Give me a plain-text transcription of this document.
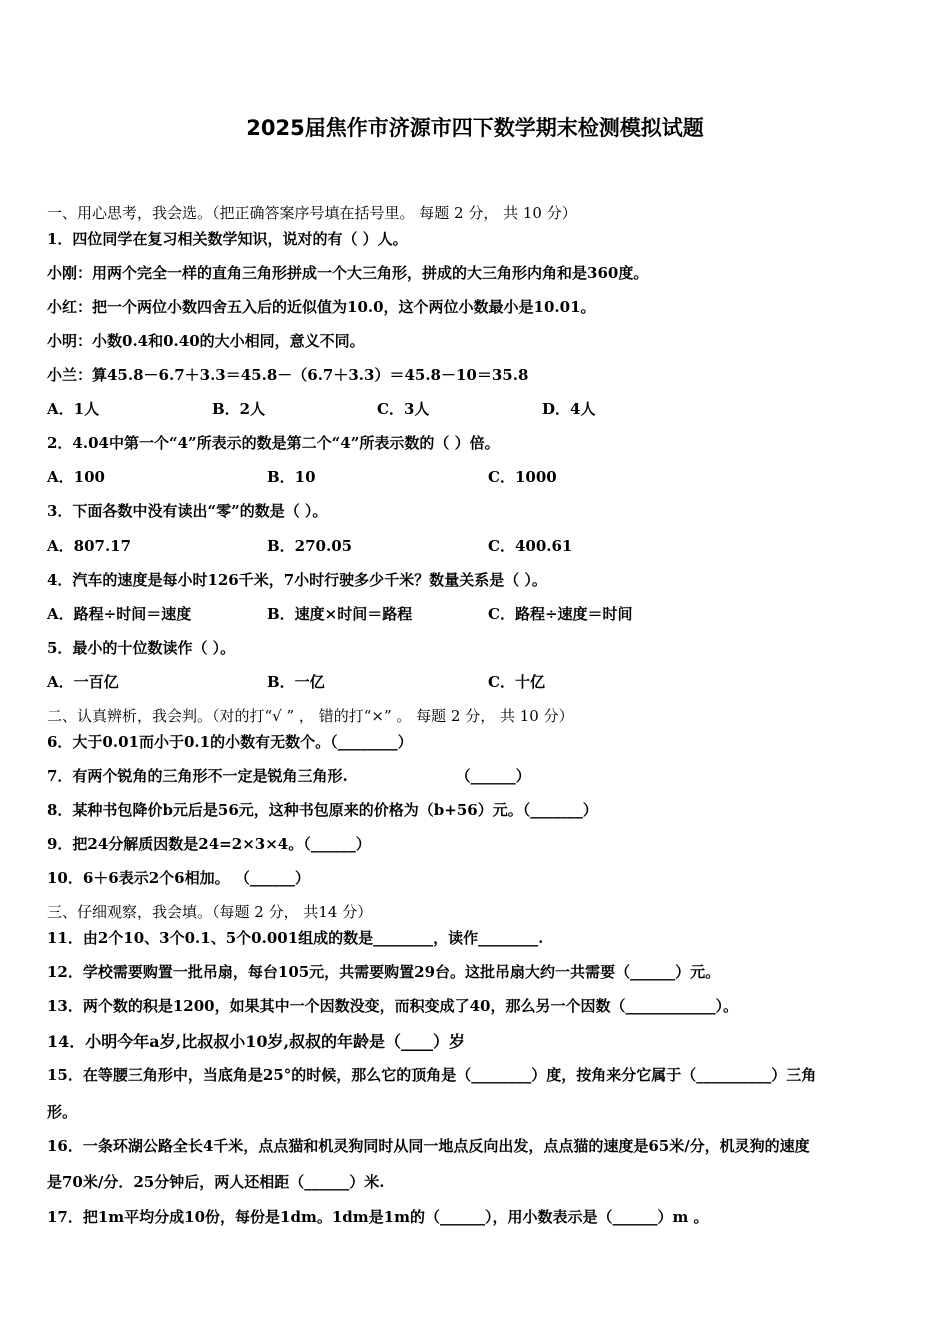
2025届焦作市济源市四下数学期末检测模拟试题
一、用心思考，我会选。（把正确答案序号填在括号里。 每题 2 分， 共 10 分）
1．四位同学在复习相关数学知识，说对的有（ ）人。
小刚：用两个完全一样的直角三角形拼成一个大三角形，拼成的大三角形内角和是360度。
小红：把一个两位小数四舍五入后的近似值为10.0，这个两位小数最小是10.01。
小明：小数0.4和0.40的大小相同，意义不同。
小兰：算45.8－6.7＋3.3＝45.8－（6.7＋3.3）＝45.8－10＝35.8
A．1人	B．2人	C．3人	D．4人
2．4.04中第一个“4”所表示的数是第二个“4”所表示数的（ ）倍。
A．100	B．10	C．1000
3．下面各数中没有读出“零”的数是（ ）。
A．807.17	B．270.05	C．400.61
4．汽车的速度是每小时126千米，7小时行驶多少千米？数量关系是（ ）。
A．路程÷时间＝速度	B．速度×时间＝路程	C．路程÷速度＝时间
5．最小的十位数读作（ ）。
A．一百亿	B．一亿	C．十亿
二、认真辨析，我会判。（对的打“√ ” ， 错的打“×” 。 每题 2 分， 共 10 分）
6．大于0.01而小于0.1的小数有无数个。（________）
7．有两个锐角的三角形不一定是锐角三角形.	（______）
8．某种书包降价b元后是56元，这种书包原来的价格为（b+56）元。（_______）
9．把24分解质因数是24=2×3×4。（______）
10．6＋6表示2个6相加。 （______）
三、仔细观察，我会填。（每题 2 分， 共14 分）
11．由2个10、3个0.1、5个0.001组成的数是________，读作________.
12．学校需要购置一批吊扇，每台105元，共需要购置29台。这批吊扇大约一共需要（______）元。
13．两个数的积是1200，如果其中一个因数没变，而积变成了40，那么另一个因数（____________）。
14．小明今年a岁,比叔叔小10岁,叔叔的年龄是（____）岁
15．在等腰三角形中，当底角是25°的时候，那么它的顶角是（________）度，按角来分它属于（__________）三角
形。
16．一条环湖公路全长4千米，点点猫和机灵狗同时从同一地点反向出发，点点猫的速度是65米/分，机灵狗的速度
是70米/分．25分钟后，两人还相距（______）米.
17．把1m平均分成10份，每份是1dm。1dm是1m的（______），用小数表示是（______）m 。
